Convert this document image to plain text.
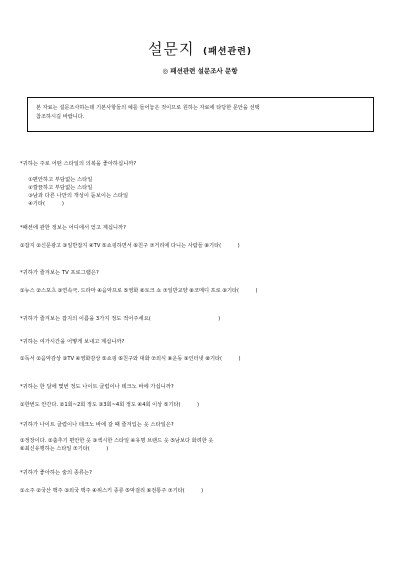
설문지 (패션관련)
◎ 패션관련 설문조사 문항
본 자료는 설문조사하는데 기본사항들의 예를 들어놓은 것이므로 원하는 자료에 타당한 문안을 선택
참조하시길 바랍니다.
*귀하는 주로 어떤 스타일의 의복을 좋아하십니까?
①편안하고 부담없는 스타일
②깔끔하고 부담없는 스타일
③남과 다른 나만의 개성이 돋보이는 스타일
④기타(          )
*패션에 관한 정보는 어디에서 얻고 계십니까?
①잡지 ②신문광고 ③일반잡지 ④TV ⑤쇼핑하면서 ⑥친구 ⑦거리에 다니는 사람들 ⑧기타(          )
*귀하가 즐겨보는 TV 프로그램은?
①뉴스 ②스포츠 ③연속극, 드라마 ④음악프로 ⑤영화 ⑥토크 쇼 ⑦일반교양 ⑧코메디 프로 ⑨기타(          )
*귀하가 즐겨보는 잡지의 이름을 3가지 정도 적어주세요(                                        )
*귀하는 여가시간을 어떻게 보내고 계십니까?
①독서 ②음악감상 ③TV ④영화감상 ⑤쇼핑 ⑥친구와 대화 ⑦외식 ⑧운동 ⑨인터넷 ⑩기타(          )
*귀하는 한 달에 몇번 정도 나이트 클럽이나 테크노 바에 가십니까?
①한번도 안간다. ②1회~2회 정도 ③3회~4회 정도 ④4회 이상 ⑤기타(          )
*귀하가 나이트 클럽이나 테크노 바에 갈 때 즐겨입는 옷 스타일은?
①정장이다. ②춤추기 편안한 옷 ③섹시한 스타일 ④유명 브랜드 옷 ⑤남보다 화려한 옷
⑥최신유행하는 스타일 ⑦기타(          )
*귀하가 좋아하는 술의 종류는?
①소주 ②국산 맥주 ③외국 맥주 ④위스키 종류 ⑤막걸리 ⑥전통주 ⑦기타(          )
